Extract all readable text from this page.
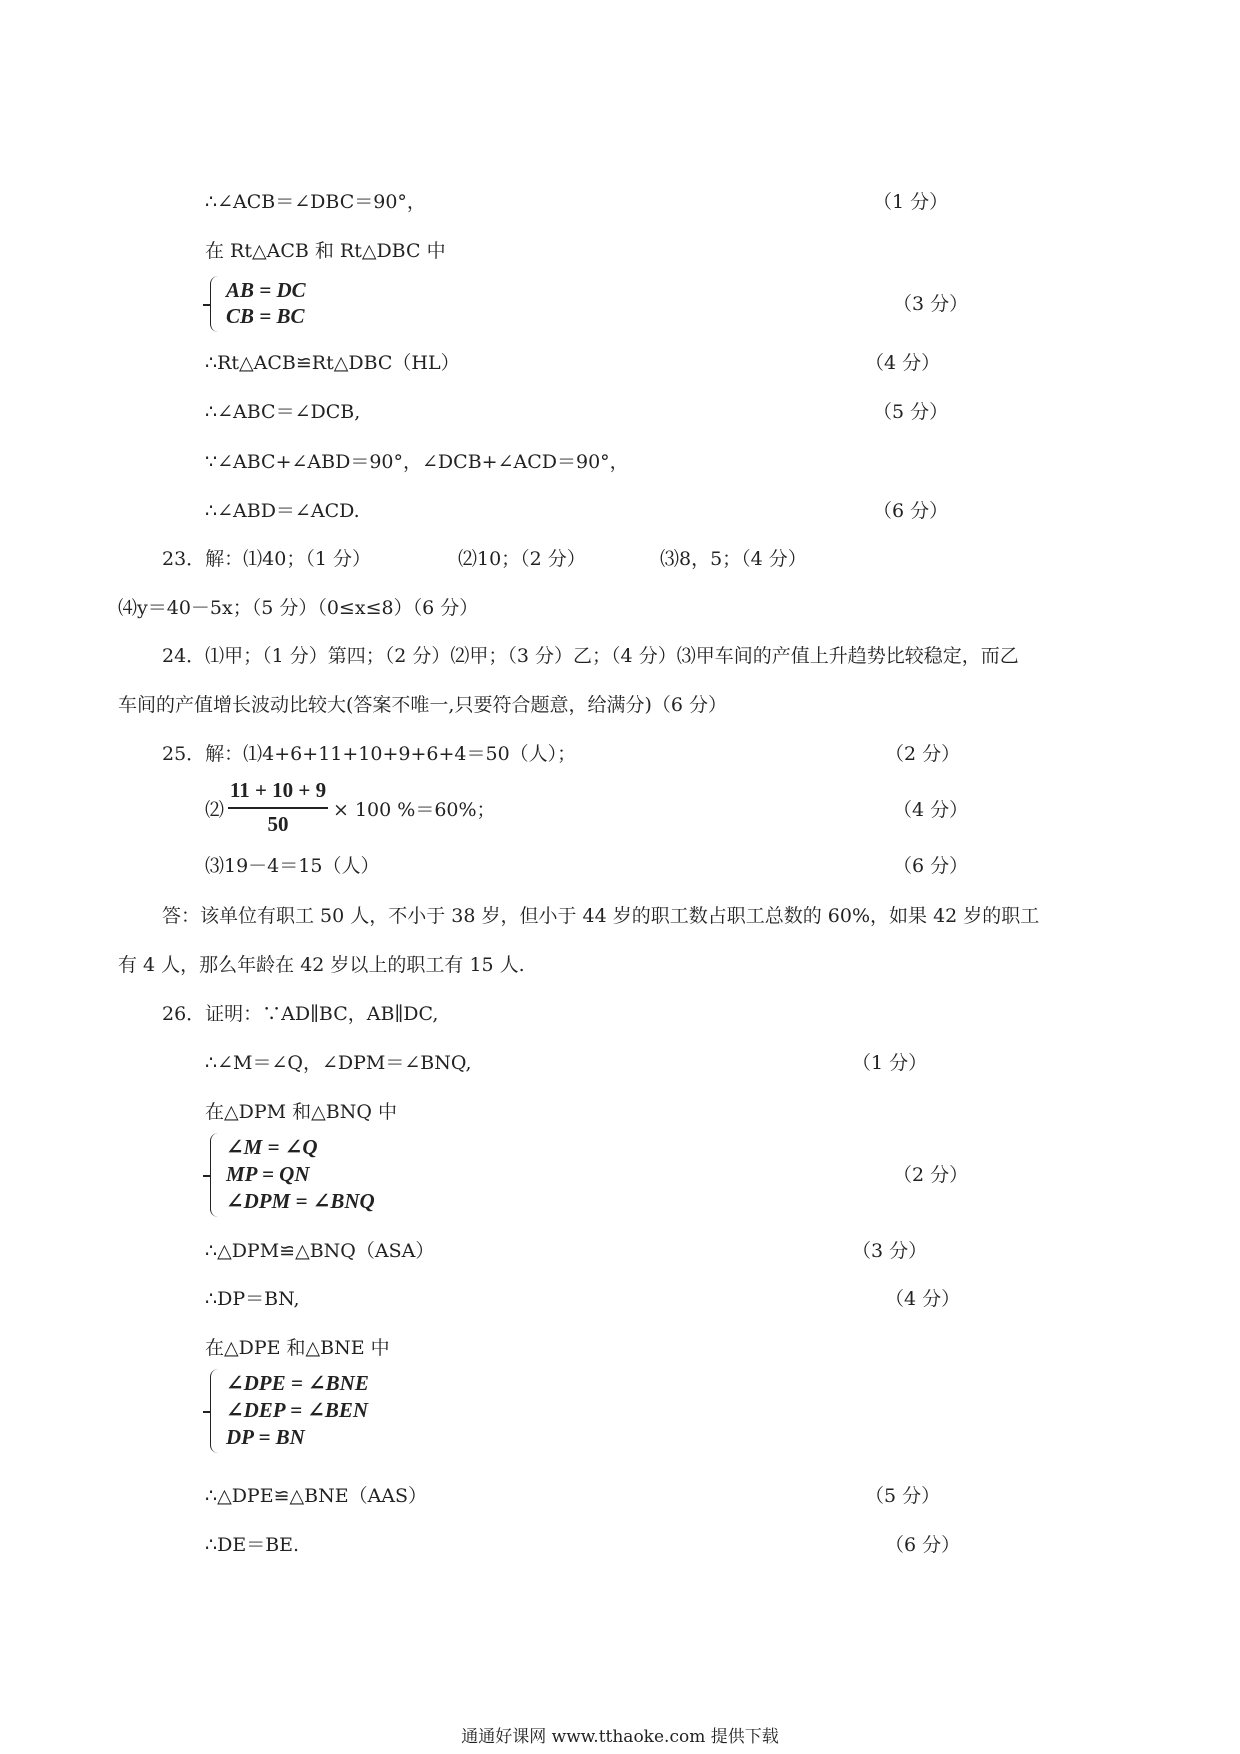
∴∠ACB＝∠DBC＝90°，	（1 分）
在 Rt△ACB 和 Rt△DBC 中
AB = DC
CB = BC	（3 分）
∴Rt△ACB≌Rt△DBC（HL）	（4 分）
∴∠ABC＝∠DCB,	（5 分）
∵∠ABC+∠ABD＝90°，∠DCB+∠ACD＝90°，
∴∠ABD＝∠ACD.	（6 分）
23．解：⑴40；（1 分）	⑵10；（2 分）	⑶8，5；（4 分）
⑷y＝40－5x；（5 分）（0≤x≤8）（6 分）
24．⑴甲；（1 分）第四；（2 分）⑵甲；（3 分）乙；（4 分）⑶甲车间的产值上升趋势比较稳定，而乙
车间的产值增长波动比较大(答案不唯一,只要符合题意，给满分)（6 分）
25．解：⑴4+6+11+10+9+6+4＝50（人）；	（2 分）
⑵
11 + 10 + 9
50
× 100 %＝60%；	（4 分）
⑶19－4＝15（人）	（6 分）
答：该单位有职工 50 人，不小于 38 岁，但小于 44 岁的职工数占职工总数的 60%，如果 42 岁的职工
有 4 人，那么年龄在 42 岁以上的职工有 15 人.
26．证明：∵AD∥BC，AB∥DC,
∴∠M＝∠Q，∠DPM＝∠BNQ,	（1 分）
在△DPM 和△BNQ 中
∠M = ∠Q
MP = QN
∠DPM = ∠BNQ
（2 分）
∴△DPM≌△BNQ（ASA）	（3 分）
∴DP＝BN,	（4 分）
在△DPE 和△BNE 中
∠DPE = ∠BNE
∠DEP = ∠BEN
DP = BN
∴△DPE≌△BNE（AAS）	（5 分）
∴DE＝BE.	（6 分）
通通好课网 www.tthaoke.com 提供下载
